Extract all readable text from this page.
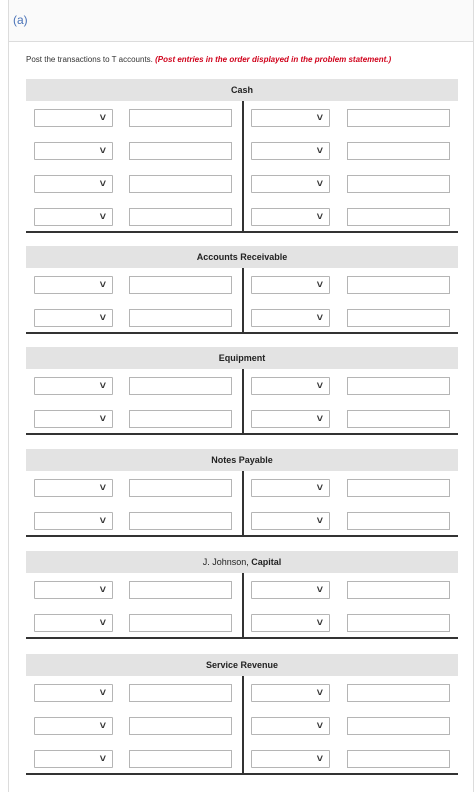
(a)
Post the transactions to T accounts. (Post entries in the order displayed in the problem statement.)
Cash
˅	˅
˅	˅
˅	˅
˅	˅
Accounts Receivable
˅	˅
˅	˅
Equipment
˅	˅
˅	˅
Notes Payable
˅	˅
˅	˅
J. Johnson, Capital
˅	˅
˅	˅
Service Revenue
˅	˅
˅	˅
˅	˅
